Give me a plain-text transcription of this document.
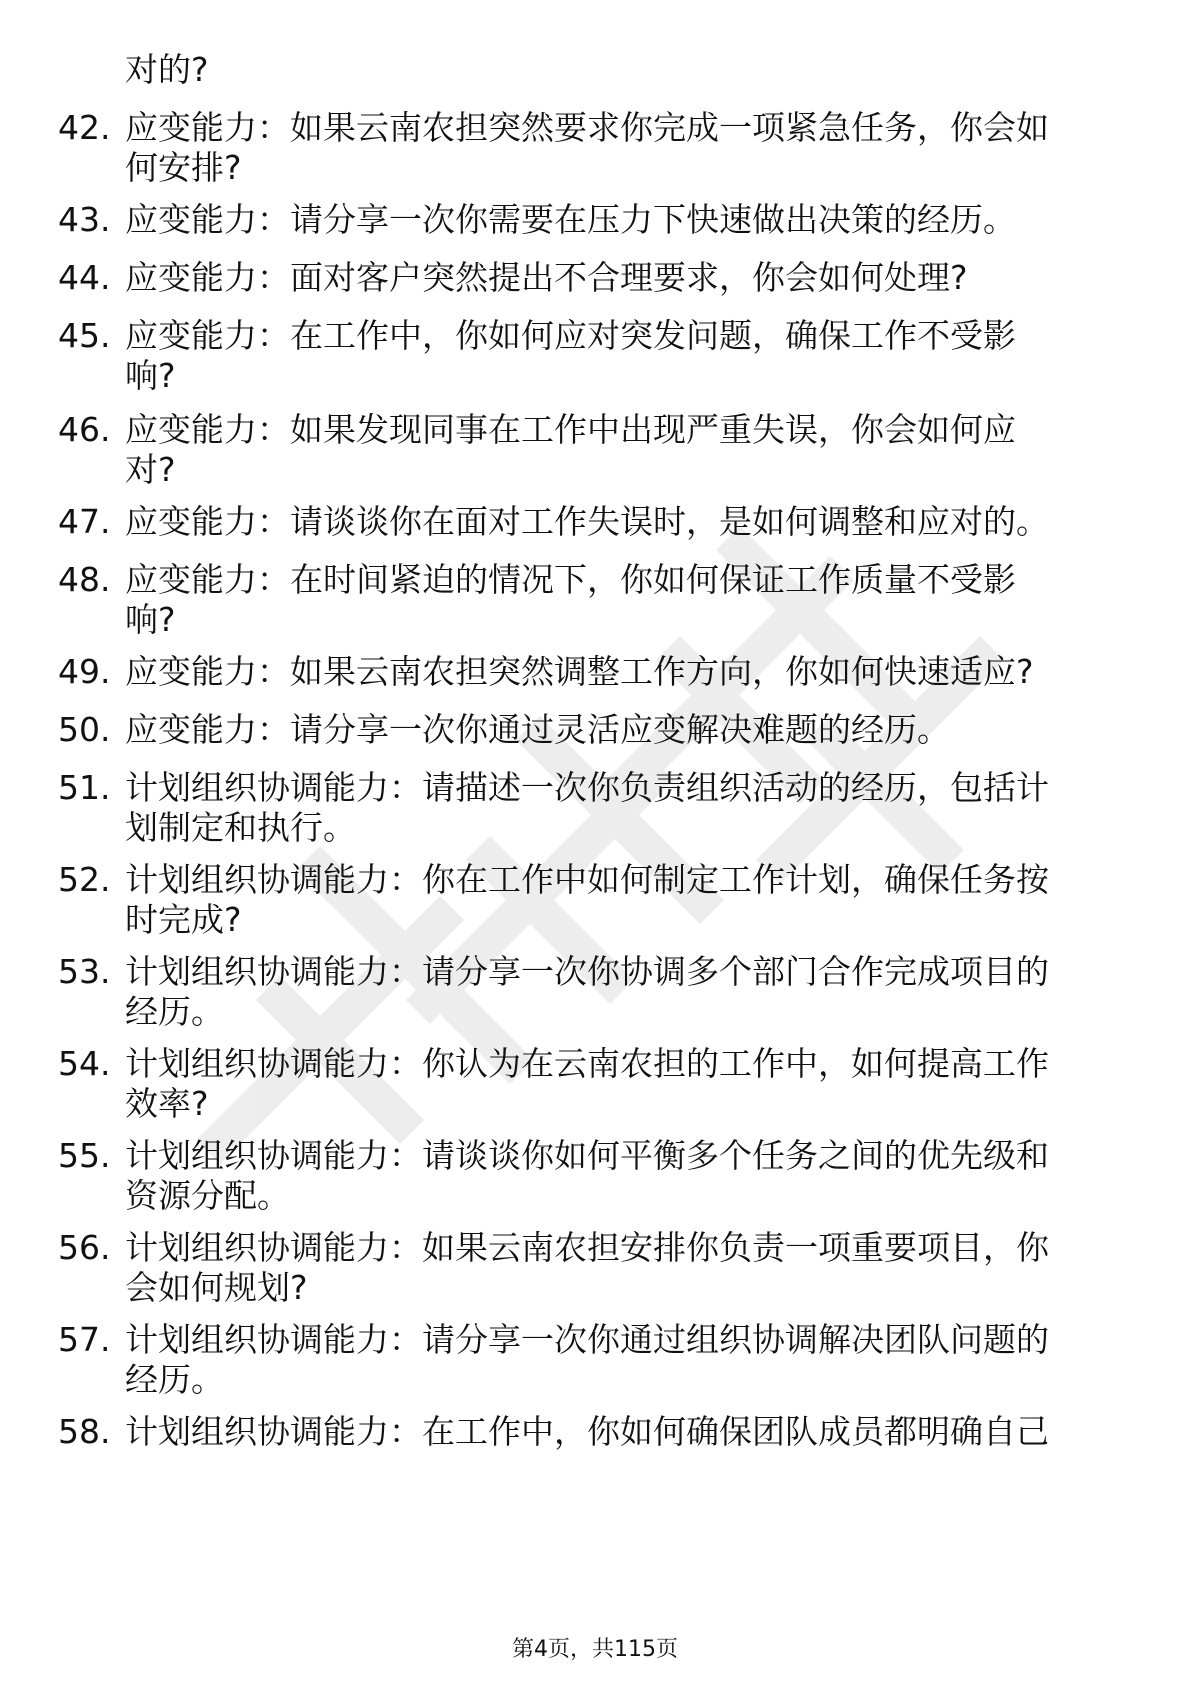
对的?
42. 应变能力：如果云南农担突然要求你完成一项紧急任务，你会如
何安排?
43. 应变能力：请分享一次你需要在压力下快速做出决策的经历。
44. 应变能力：面对客户突然提出不合理要求，你会如何处理?
45. 应变能力：在工作中，你如何应对突发问题，确保工作不受影
响?
46. 应变能力：如果发现同事在工作中出现严重失误，你会如何应
对?
47. 应变能力：请谈谈你在面对工作失误时，是如何调整和应对的。
48. 应变能力：在时间紧迫的情况下，你如何保证工作质量不受影
响?
49. 应变能力：如果云南农担突然调整工作方向，你如何快速适应?
50. 应变能力：请分享一次你通过灵活应变解决难题的经历。
51. 计划组织协调能力：请描述一次你负责组织活动的经历，包括计
划制定和执行。
52. 计划组织协调能力：你在工作中如何制定工作计划，确保任务按
时完成?
53. 计划组织协调能力：请分享一次你协调多个部门合作完成项目的
经历。
54. 计划组织协调能力：你认为在云南农担的工作中，如何提高工作
效率?
55. 计划组织协调能力：请谈谈你如何平衡多个任务之间的优先级和
资源分配。
56. 计划组织协调能力：如果云南农担安排你负责一项重要项目，你
会如何规划?
57. 计划组织协调能力：请分享一次你通过组织协调解决团队问题的
经历。
58. 计划组织协调能力：在工作中，你如何确保团队成员都明确自己
第4页，共115页
